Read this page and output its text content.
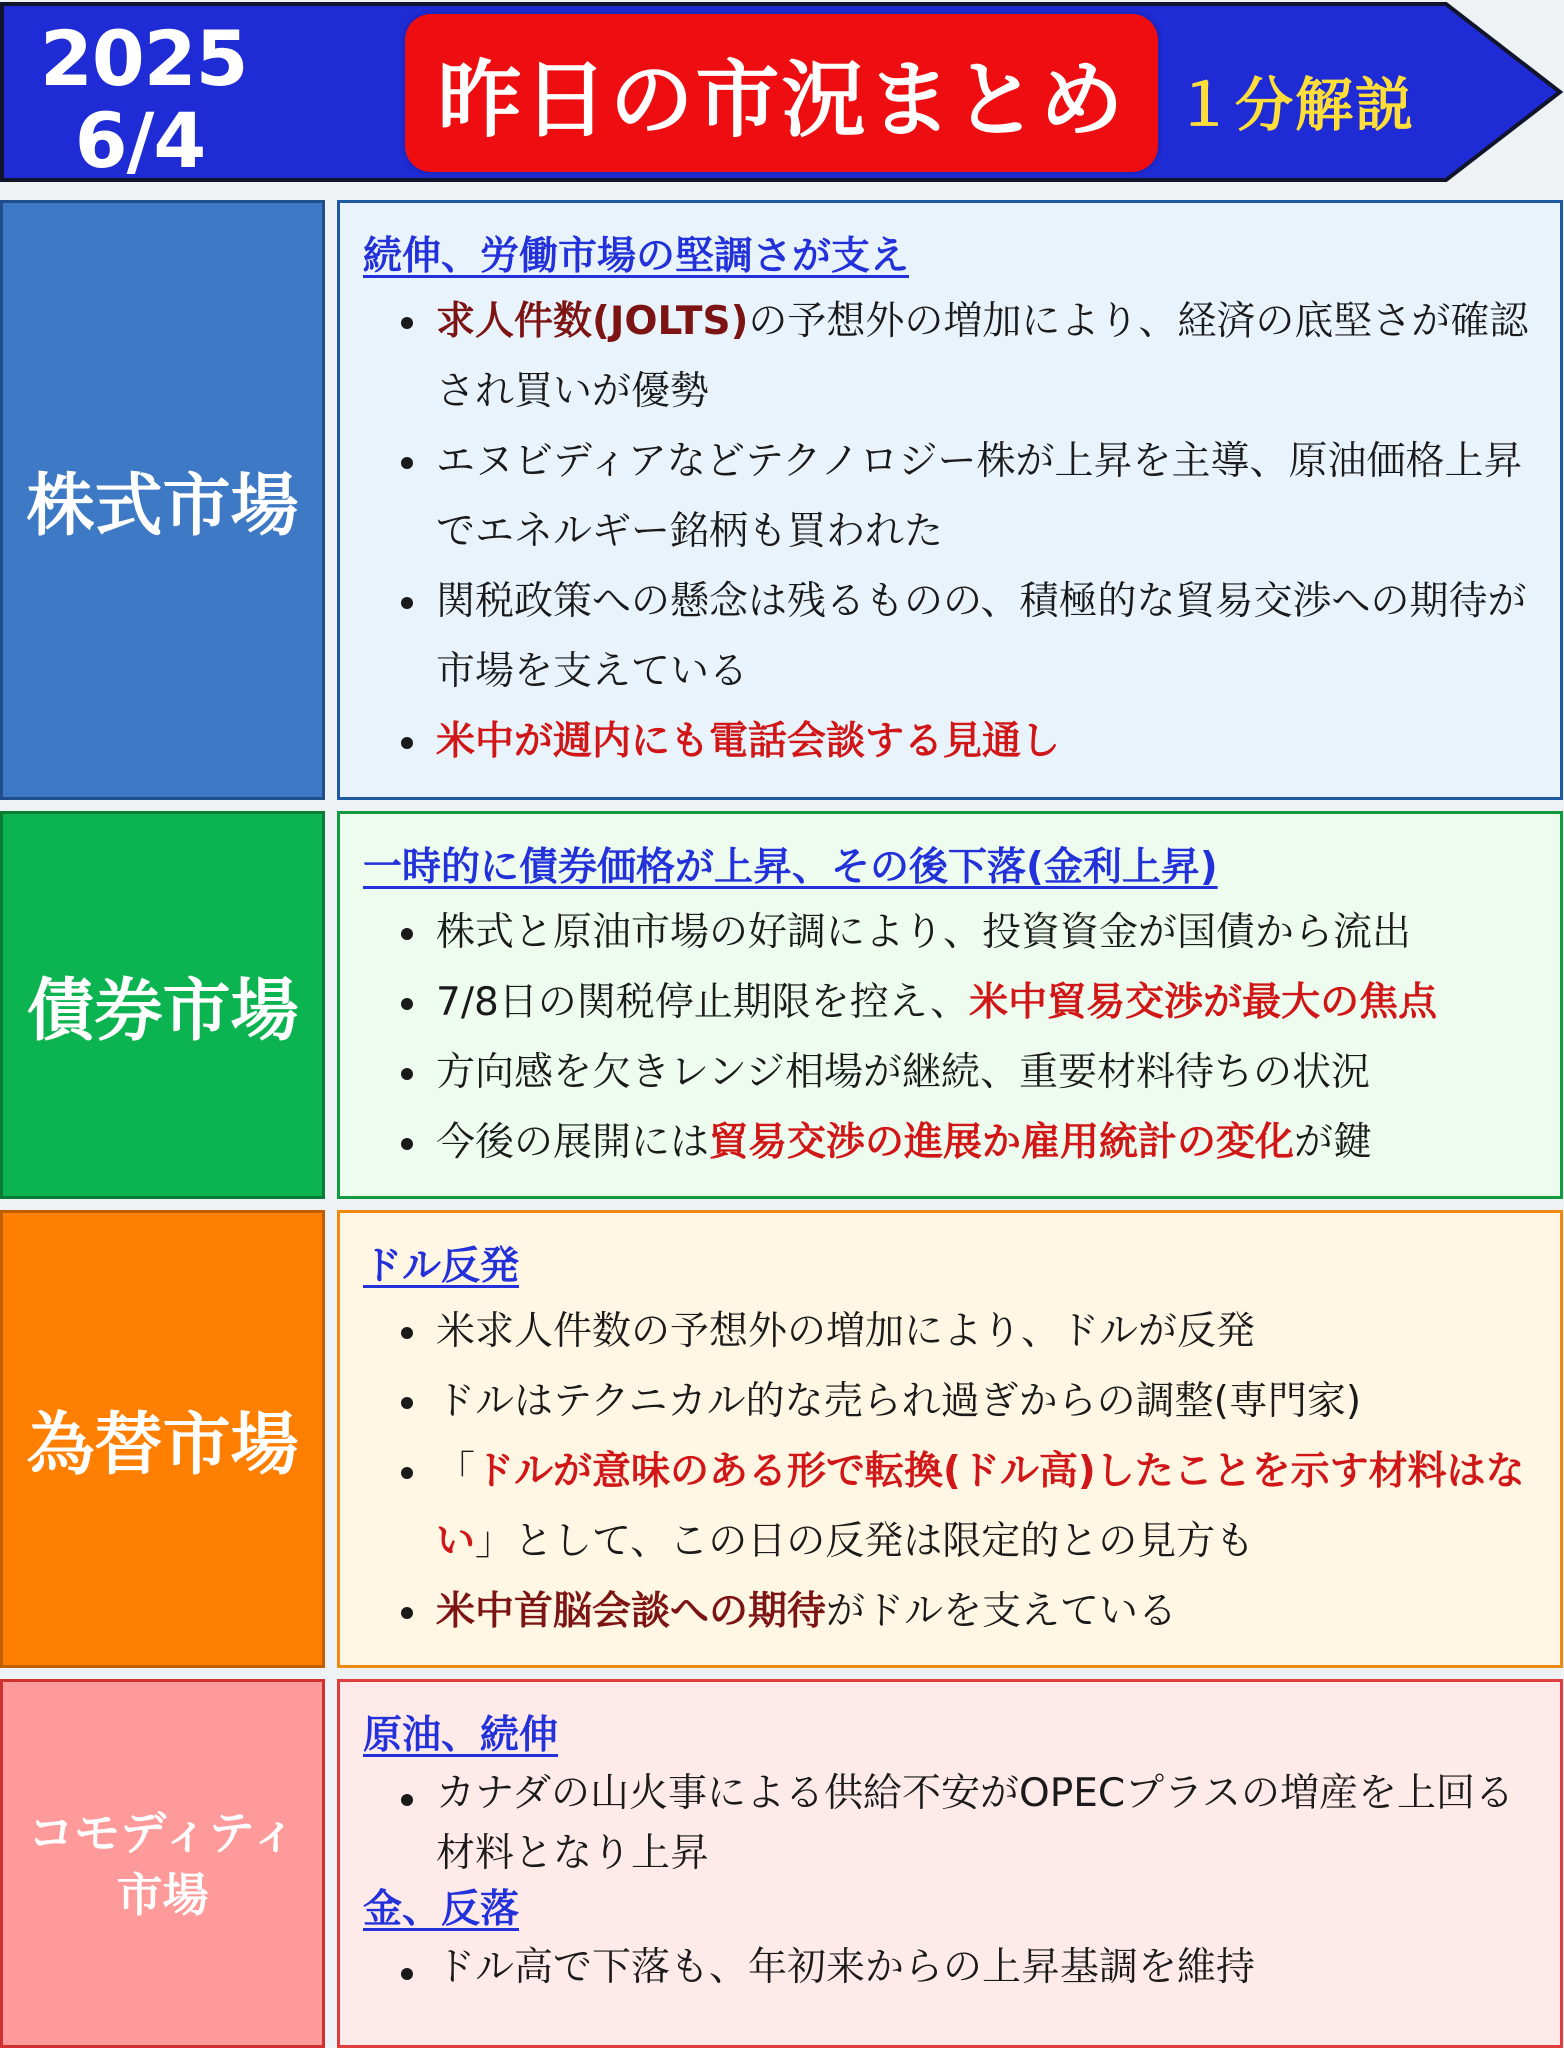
2025
6/4	昨日の市況まとめ １分解説
株式市場
続伸、労働市場の堅調さが支え
求人件数(JOLTS)の予想外の増加により、経済の底堅さが確認され買いが優勢
エヌビディアなどテクノロジー株が上昇を主導、原油価格上昇でエネルギー銘柄も買われた
関税政策への懸念は残るものの、積極的な貿易交渉への期待が市場を支えている
米中が週内にも電話会談する見通し
債券市場
一時的に債券価格が上昇、その後下落(金利上昇)
株式と原油市場の好調により、投資資金が国債から流出
7/8日の関税停止期限を控え、米中貿易交渉が最大の焦点
方向感を欠きレンジ相場が継続、重要材料待ちの状況
今後の展開には貿易交渉の進展か雇用統計の変化が鍵
為替市場
ドル反発
米求人件数の予想外の増加により、ドルが反発
ドルはテクニカル的な売られ過ぎからの調整(専門家)
「ドルが意味のある形で転換(ドル高)したことを示す材料はない」として、この日の反発は限定的との見方も
米中首脳会談への期待がドルを支えている
コモディティ市場
原油、続伸
カナダの山火事による供給不安がOPECプラスの増産を上回る材料となり上昇
金、反落
ドル高で下落も、年初来からの上昇基調を維持
